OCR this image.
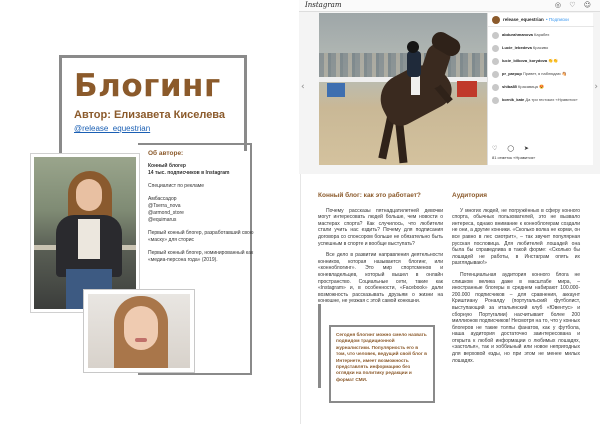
Блогинг
Автор: Елизавета Киселева
@release_equestrian
Об авторе:

Конный блогер
14 тыс. подписчиков в Instagram

Специалист по рекламе

Амбассадор
@Tserra_nova
@armond_store
@equimarus

Первый конный блогер, разработавший свою «маску» для сторис

Первый конный блогер, номинированный как «медиа-персона года» (2019).

Instagram	◎ ♡ ☺
‹	›
release_equestrian • Подписки
abdurahmanova Карабех
Lucie_lebedeva Красиво
lucie_bilkova_korydova 👏👏
pr_parpup Привет, я наблюдаю 🐴
shiba85 Красавица 😍
kornik_kate Да три гестоких «Нравится»
♡ ◯ ➤
81 отметок «Нравится»
Конный блог: как это работает?

Почему рассказы пятнадцатилетней девочки могут интересовать людей больше, чем новости о мастерах спорта? Как случилось, что любители стали учить нас ездить? Почему для подписания договора со спонсором больше не обязательно быть успешным в спорте и вообще выступать?

Все дело в развитии направления деятельности конников, которая называется блогинг, или «конноблогинг». Это мир спортсменов и коневладельцев, который вышел в онлайн пространство. Социальные сети, такие как «Instagram» и, в особенности, «Facebook» дали возможность рассказывать друзьям о жизни на конюшне, не уезжая с этой самой конюшни.

Сегодня блогинг можно смело назвать подвидом традиционной журналистики. Популярность его в том, что человек, ведущий свой блог в Интернете, имеет возможность представлять информацию без оглядки на политику редакции и формат СМИ.
Аудитория

У многих людей, не погружённых в сферу конного спорта, обычных пользователей, это не вызвало интереса, однако внимание к конноблогерам создали не они, а другие конники. «Сколько волка не корми, он все равно в лес смотрит», – так звучит популярная русская пословица. Для любителей лошадей она была бы справедлива в такой форме: «Сколько бы лошадей не работы, в Инстаграм опять их разглядываю!»

Потенциальная аудитория конного блога не слишком велика даже в масштабе мира, – иностранные блогеры в среднем набирают 100.000-200.000 подписчиков – для сравнения, аккаунт Криштиану Роналду (португальский футболист, выступающий за итальянский клуб «Ювентус» и сборную Португалии) насчитывает более 200 миллионов подписчиков! Несмотря на то, что у конных блогеров не такие толпы фанатов, как у футбола, наша аудитория достаточно заинтересована и открыта к любой информации о любимых лошадях, «застолья», так и хоббиьный или новое непригодных для верховой езды, но при этом не менее милых лошадях.
